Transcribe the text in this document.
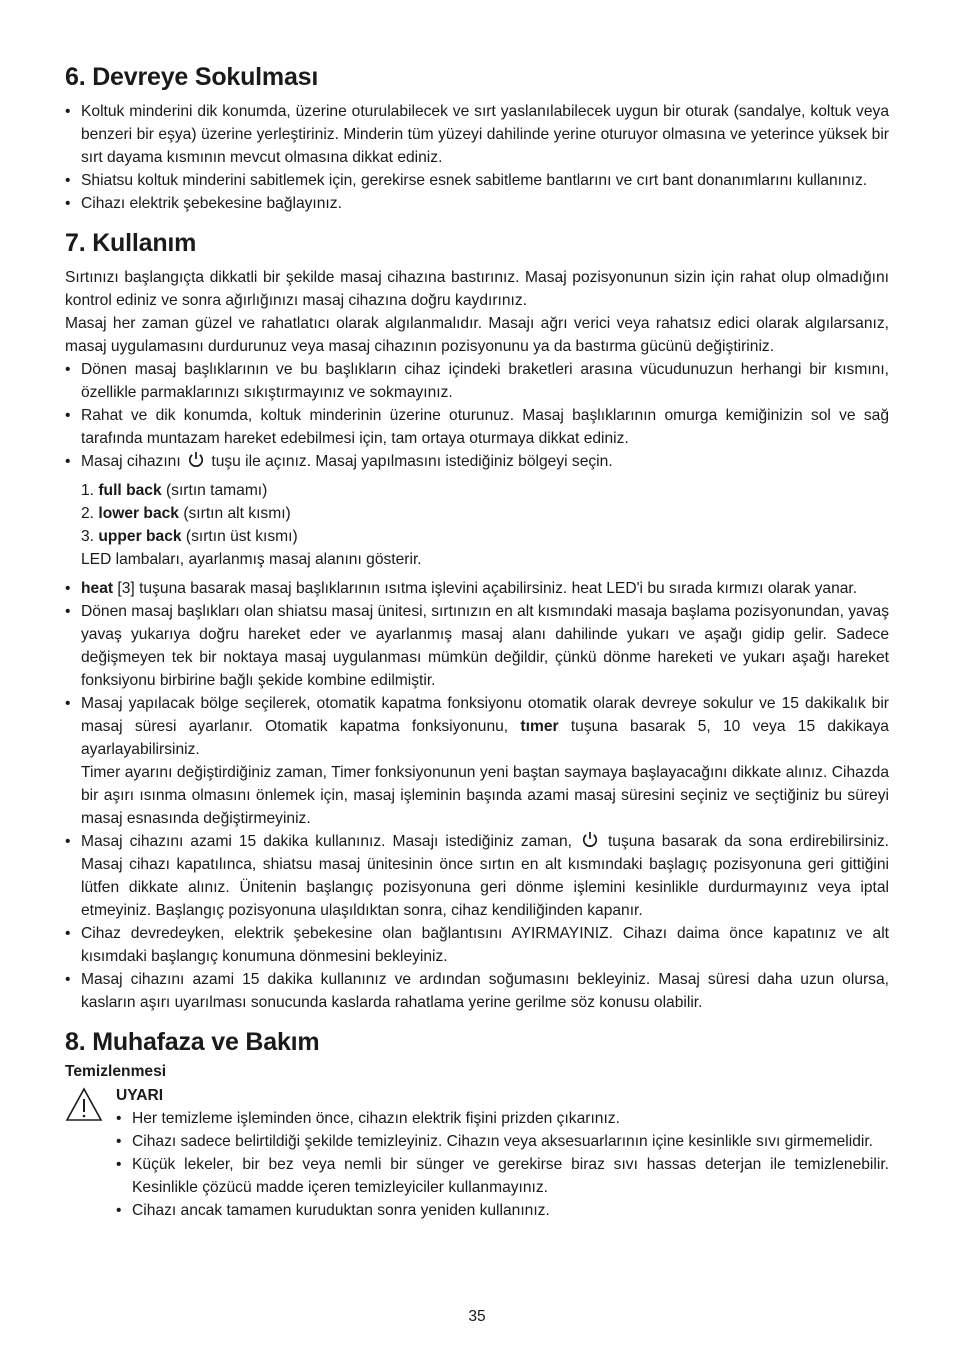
6. Devreye Sokulması
• Koltuk minderini dik konumda, üzerine oturulabilecek ve sırt yaslanılabilecek uygun bir oturak (sandalye, koltuk veya benzeri bir eşya) üzerine yerleştiriniz. Minderin tüm yüzeyi dahilinde yerine oturuyor olmasına ve yeterince yüksek bir sırt dayama kısmının mevcut olmasına dikkat ediniz.
• Shiatsu koltuk minderini sabitlemek için, gerekirse esnek sabitleme bantlarını ve cırt bant donanımlarını kullanınız.
• Cihazı elektrik şebekesine bağlayınız.
7. Kullanım

Sırtınızı başlangıçta dikkatli bir şekilde masaj cihazına bastırınız. Masaj pozisyonunun sizin için rahat olup olmadığını kontrol ediniz ve sonra ağırlığınızı masaj cihazına doğru kaydırınız.

Masaj her zaman güzel ve rahatlatıcı olarak algılanmalıdır. Masajı ağrı verici veya rahatsız edici olarak algılarsanız, masaj uygulamasını durdurunuz veya masaj cihazının pozisyonunu ya da bastırma gücünü değiştiriniz.

• Dönen masaj başlıklarının ve bu başlıkların cihaz içindeki braketleri arasına vücudunuzun herhangi bir kısmını, özellikle parmaklarınızı sıkıştırmayınız ve sokmayınız.
• Rahat ve dik konumda, koltuk minderinin üzerine oturunuz. Masaj başlıklarının omurga kemiğinizin sol ve sağ tarafında muntazam hareket edebilmesi için, tam ortaya oturmaya dikkat ediniz.
• Masaj cihazını tuşu ile açınız. Masaj yapılmasını istediğiniz bölgeyi seçin.
1. full back (sırtın tamamı)
2. lower back (sırtın alt kısmı)
3. upper back (sırtın üst kısmı)
LED lambaları, ayarlanmış masaj alanını gösterir.
• heat [3] tuşuna basarak masaj başlıklarının ısıtma işlevini açabilirsiniz. heat LED'i bu sırada kırmızı olarak yanar.
• Dönen masaj başlıkları olan shiatsu masaj ünitesi, sırtınızın en alt kısmındaki masaja başlama pozisyonundan, yavaş yavaş yukarıya doğru hareket eder ve ayarlanmış masaj alanı dahilinde yukarı ve aşağı gidip gelir. Sadece değişmeyen tek bir noktaya masaj uygulanması mümkün değildir, çünkü dönme hareketi ve yukarı aşağı hareket fonksiyonu birbirine bağlı şekide kombine edilmiştir.
• Masaj yapılacak bölge seçilerek, otomatik kapatma fonksiyonu otomatik olarak devreye sokulur ve 15 dakikalık bir masaj süresi ayarlanır. Otomatik kapatma fonksiyonunu, tımer tuşuna basarak 5, 10 veya 15 dakikaya ayarlayabilirsiniz.
Timer ayarını değiştirdiğiniz zaman, Timer fonksiyonunun yeni baştan saymaya başlayacağını dikkate alınız. Cihazda bir aşırı ısınma olmasını önlemek için, masaj işleminin başında azami masaj süresini seçiniz ve seçtiğiniz bu süreyi masaj esnasında değiştirmeyiniz.
• Masaj cihazını azami 15 dakika kullanınız. Masajı istediğiniz zaman, tuşuna basarak da sona erdirebilirsiniz. Masaj cihazı kapatılınca, shiatsu masaj ünitesinin önce sırtın en alt kısmındaki başlagıç pozisyonuna geri gittiğini lütfen dikkate alınız. Ünitenin başlangıç pozisyonuna geri dönme işlemini kesinlikle durdurmayınız veya iptal etmeyiniz. Başlangıç pozisyonuna ulaşıldıktan sonra, cihaz kendiliğinden kapanır.
• Cihaz devredeyken, elektrik şebekesine olan bağlantısını AYIRMAYINIZ. Cihazı daima önce kapatınız ve alt kısımdaki başlangıç konumuna dönmesini bekleyiniz.
• Masaj cihazını azami 15 dakika kullanınız ve ardından soğumasını bekleyiniz. Masaj süresi daha uzun olursa, kasların aşırı uyarılması sonucunda kaslarda rahatlama yerine gerilme söz konusu olabilir.
8. Muhafaza ve Bakım

Temizlenmesi

UYARI
• Her temizleme işleminden önce, cihazın elektrik fişini prizden çıkarınız.
• Cihazı sadece belirtildiği şekilde temizleyiniz. Cihazın veya aksesuarlarının içine kesinlikle sıvı girmemelidir.
• Küçük lekeler, bir bez veya nemli bir sünger ve gerekirse biraz sıvı hassas deterjan ile temizlenebilir. Kesinlikle çözücü madde içeren temizleyiciler kullanmayınız.
• Cihazı ancak tamamen kuruduktan sonra yeniden kullanınız.
35
